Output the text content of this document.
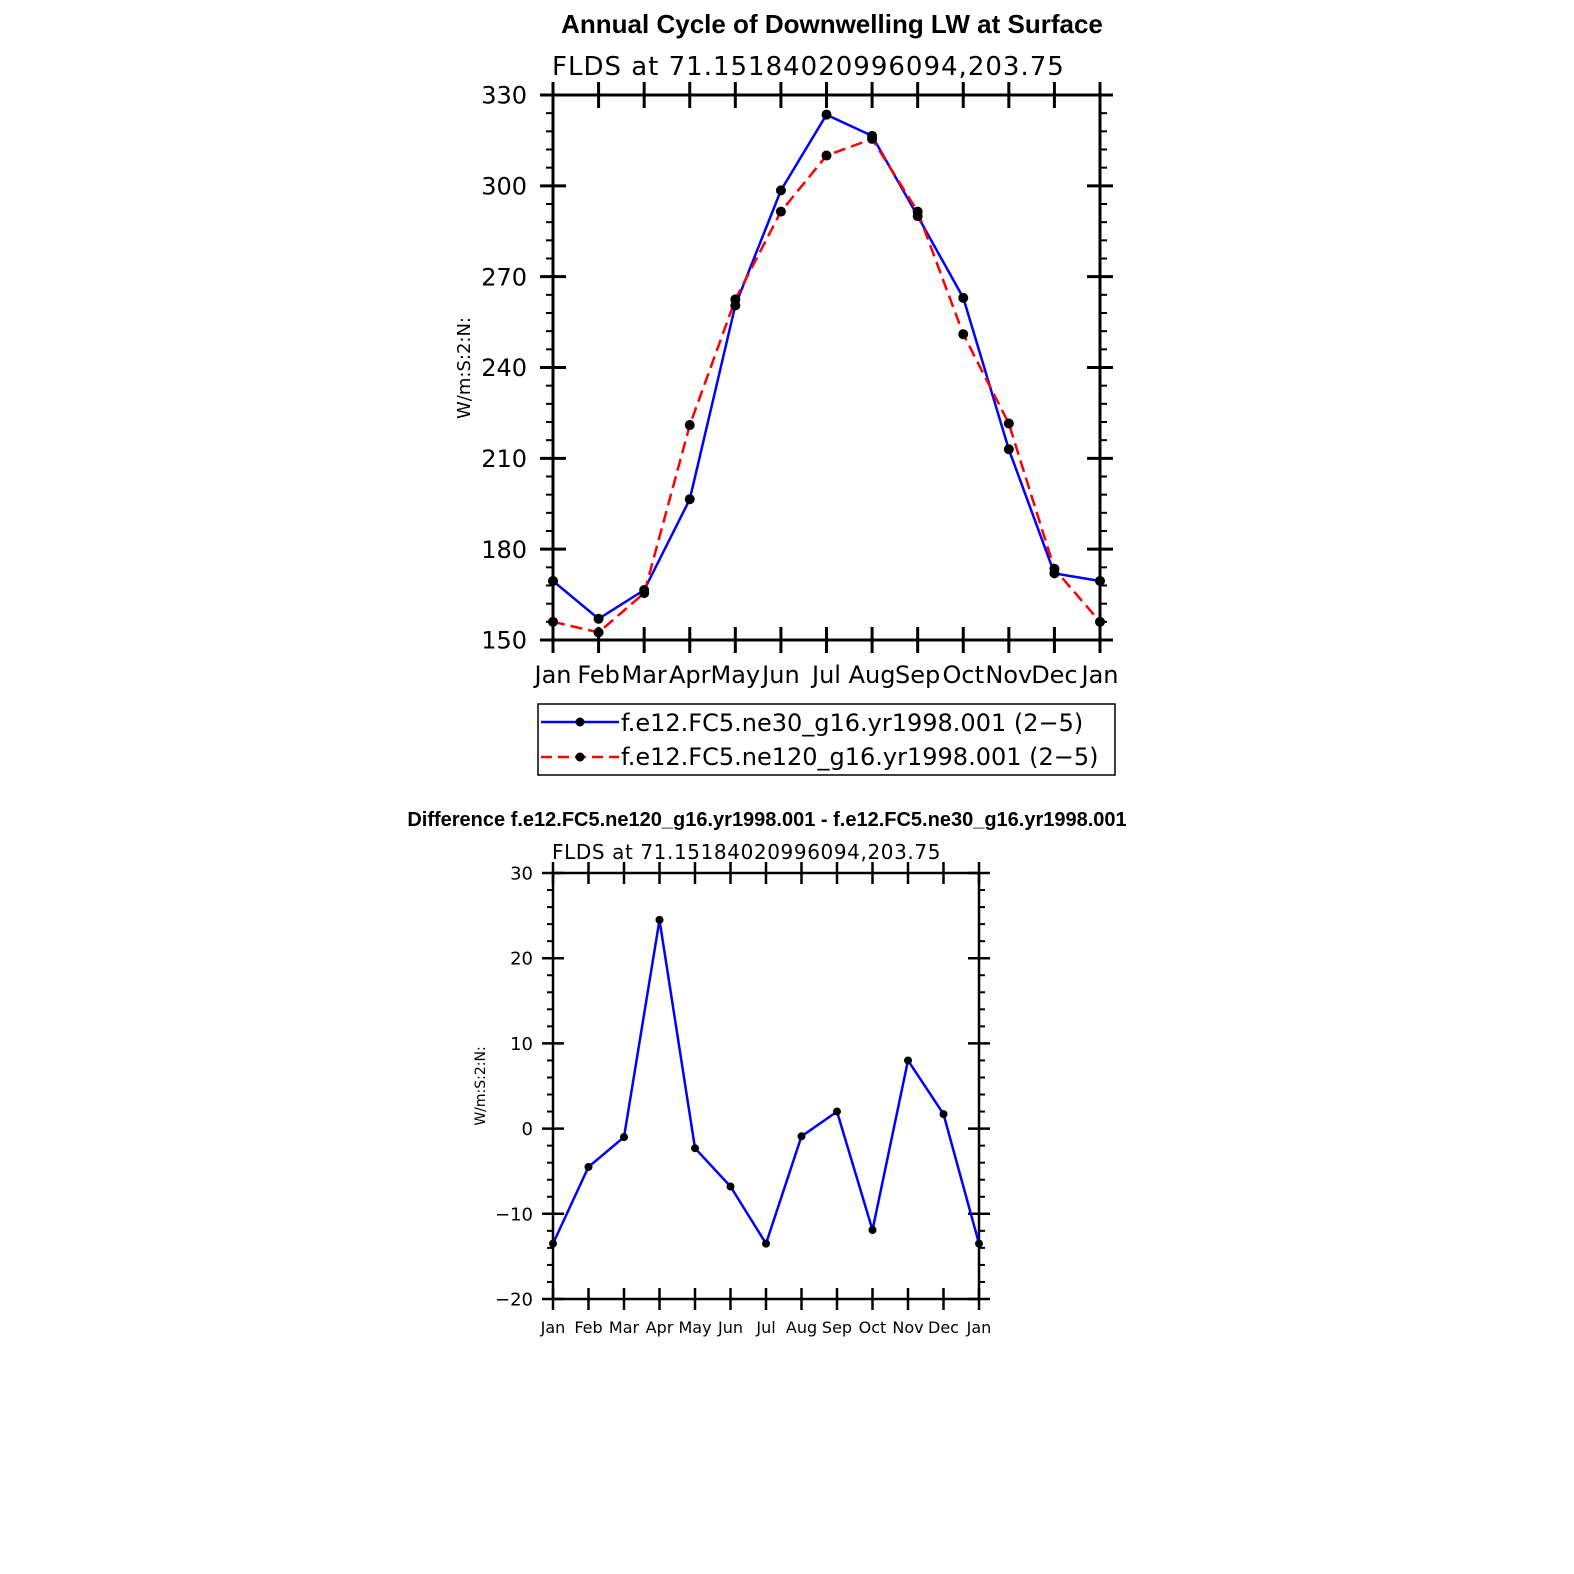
Annual Cycle of Downwelling LW at Surface
FLDS at 71.15184020996094,203.75
W/m:S:2:N:
150
180
210
240
270
300
330
Jan Feb Mar Apr May Jun Jul Aug Sep Oct Nov
Dec Jan
f.e12.FC5.ne30_g16.yr1998.001 (2−5)
f.e12.FC5.ne120_g16.yr1998.001 (2−5)
Difference f.e12.FC5.ne120_g16.yr1998.001 - f.e12.FC5.ne30_g16.yr1998.001
FLDS at 71.15184020996094,203.75
W/m:S:2:N:
−20
−10
0
10
20
30
Jan Feb Mar Apr May Jun Jul Aug Sep Oct Nov Dec Jan
